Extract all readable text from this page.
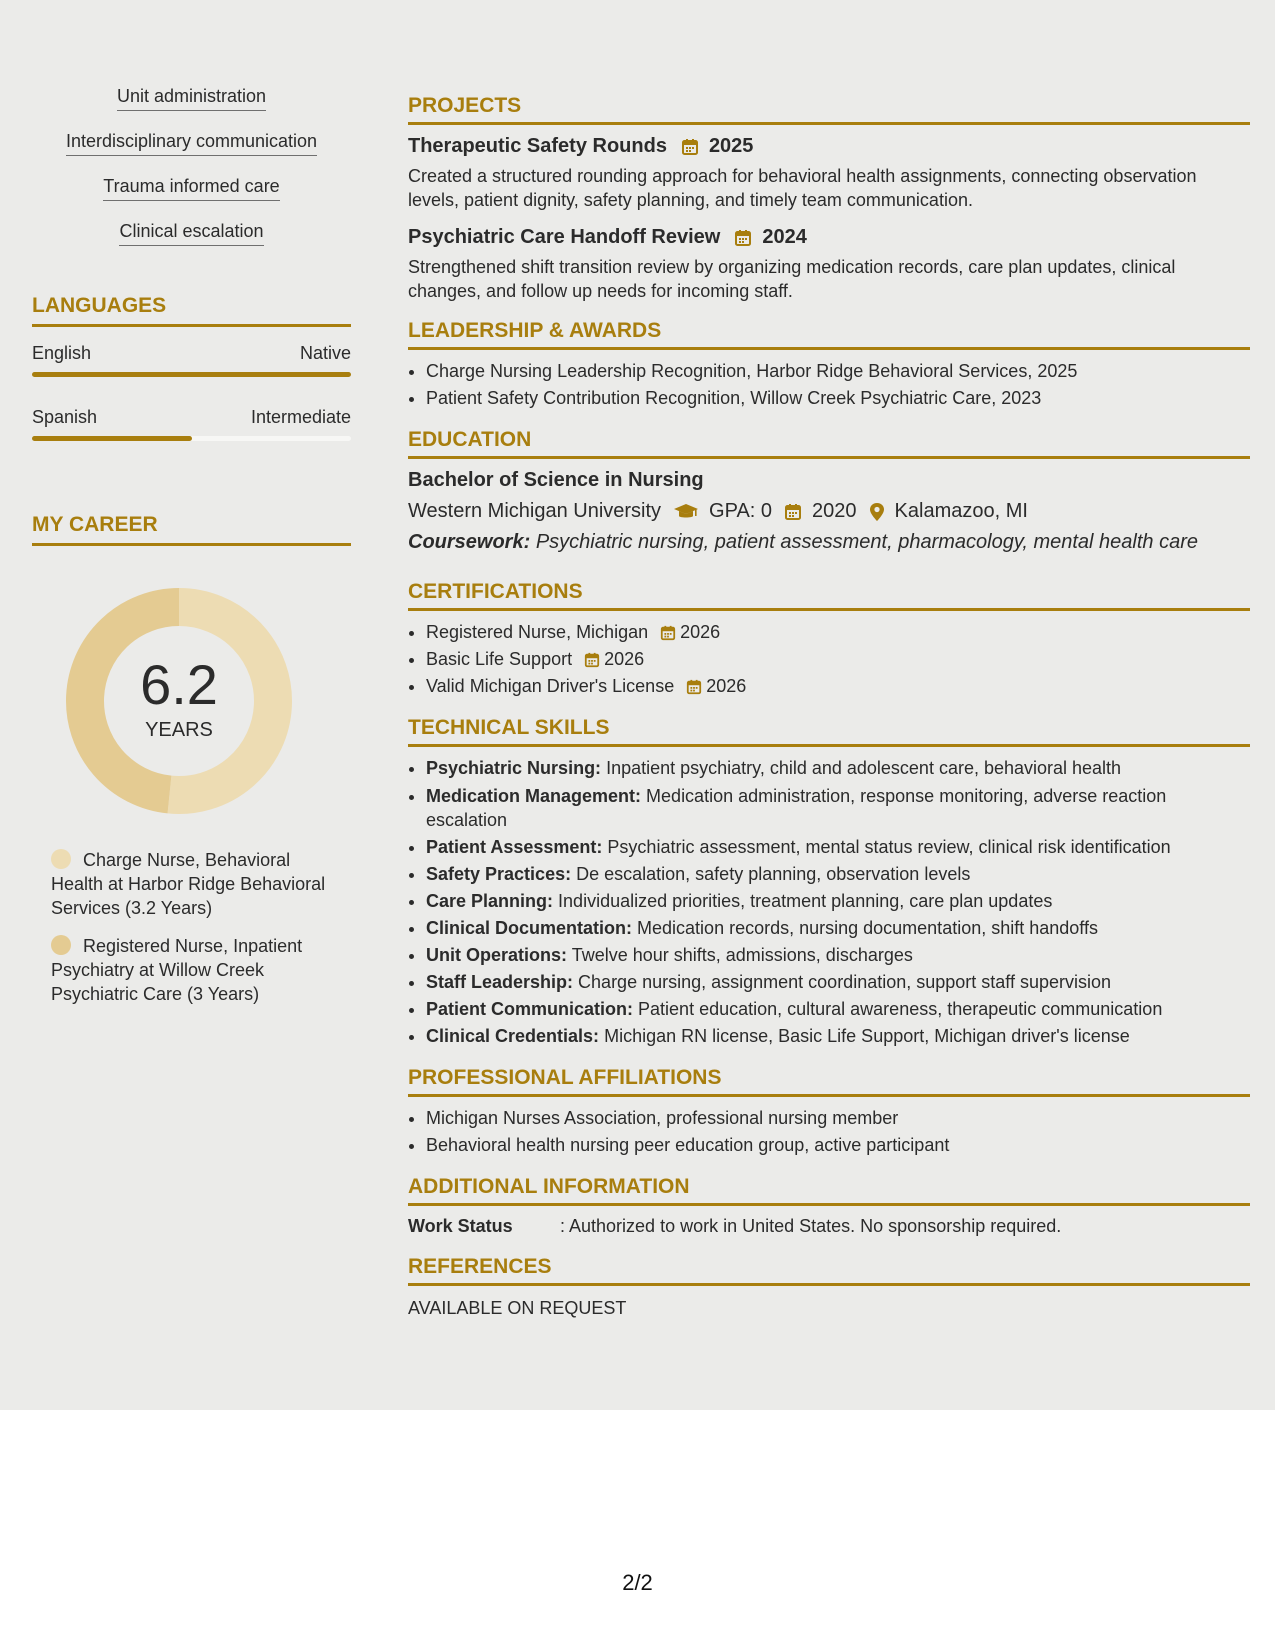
Unit administration
Interdisciplinary communication
Trauma informed care
Clinical escalation
LANGUAGES
English	Native
Spanish	Intermediate
MY CAREER
6.2
YEARS
Charge Nurse, Behavioral Health at Harbor Ridge Behavioral Services (3.2 Years)
Registered Nurse, Inpatient Psychiatry at Willow Creek Psychiatric Care (3 Years)
PROJECTS
Therapeutic Safety Rounds 2025
Created a structured rounding approach for behavioral health assignments, connecting observation levels, patient dignity, safety planning, and timely team communication.
Psychiatric Care Handoff Review 2024
Strengthened shift transition review by organizing medication records, care plan updates, clinical changes, and follow up needs for incoming staff.
LEADERSHIP & AWARDS
• Charge Nursing Leadership Recognition, Harbor Ridge Behavioral Services, 2025
• Patient Safety Contribution Recognition, Willow Creek Psychiatric Care, 2023
EDUCATION
Bachelor of Science in Nursing
Western Michigan University GPA: 0 2020 Kalamazoo, MI
Coursework: Psychiatric nursing, patient assessment, pharmacology, mental health care
CERTIFICATIONS
• Registered Nurse, Michigan 2026
• Basic Life Support 2026
• Valid Michigan Driver's License 2026
TECHNICAL SKILLS
• Psychiatric Nursing: Inpatient psychiatry, child and adolescent care, behavioral health
• Medication Management: Medication administration, response monitoring, adverse reaction escalation
• Patient Assessment: Psychiatric assessment, mental status review, clinical risk identification
• Safety Practices: De escalation, safety planning, observation levels
• Care Planning: Individualized priorities, treatment planning, care plan updates
• Clinical Documentation: Medication records, nursing documentation, shift handoffs
• Unit Operations: Twelve hour shifts, admissions, discharges
• Staff Leadership: Charge nursing, assignment coordination, support staff supervision
• Patient Communication: Patient education, cultural awareness, therapeutic communication
• Clinical Credentials: Michigan RN license, Basic Life Support, Michigan driver's license
PROFESSIONAL AFFILIATIONS
• Michigan Nurses Association, professional nursing member
• Behavioral health nursing peer education group, active participant
ADDITIONAL INFORMATION
Work Status	: Authorized to work in United States. No sponsorship required.
REFERENCES
AVAILABLE ON REQUEST
2/2
